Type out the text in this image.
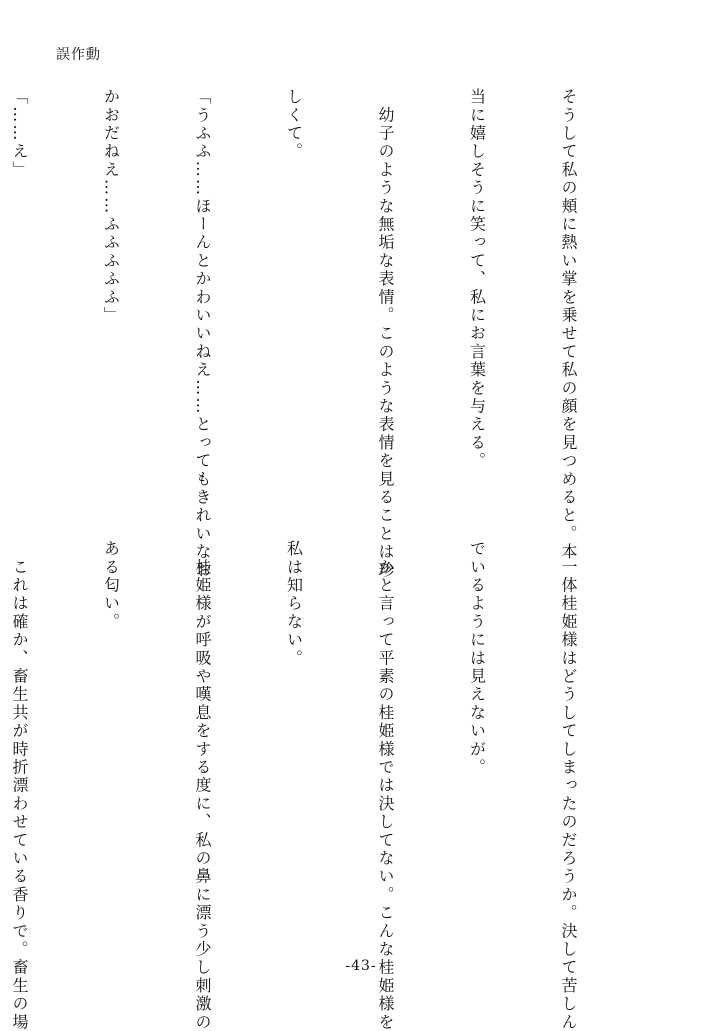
誤作動

そうして私の頬に熱い掌を乗せて私の顔を見つめると。本

当に嬉しそうに笑って、私にお言葉を与える。

　幼子のような無垢な表情。このような表情を見ることは珍

しくて。

「うふふ……ほーんとかわいいねえ……とってもきれいなお

かおだねえ……ふふふふふ」

「……え」

　一体桂姫様はどうしてしまったのだろうか。決して苦しん

でいるようには見えないが。

　かと言って平素の桂姫様では決してない。こんな桂姫様を

私は知らない。

　桂姫様が呼吸や嘆息をする度に、私の鼻に漂う少し刺激の

ある匂い。

　これは確か、畜生共が時折漂わせている香りで。畜生の場

	-43-
